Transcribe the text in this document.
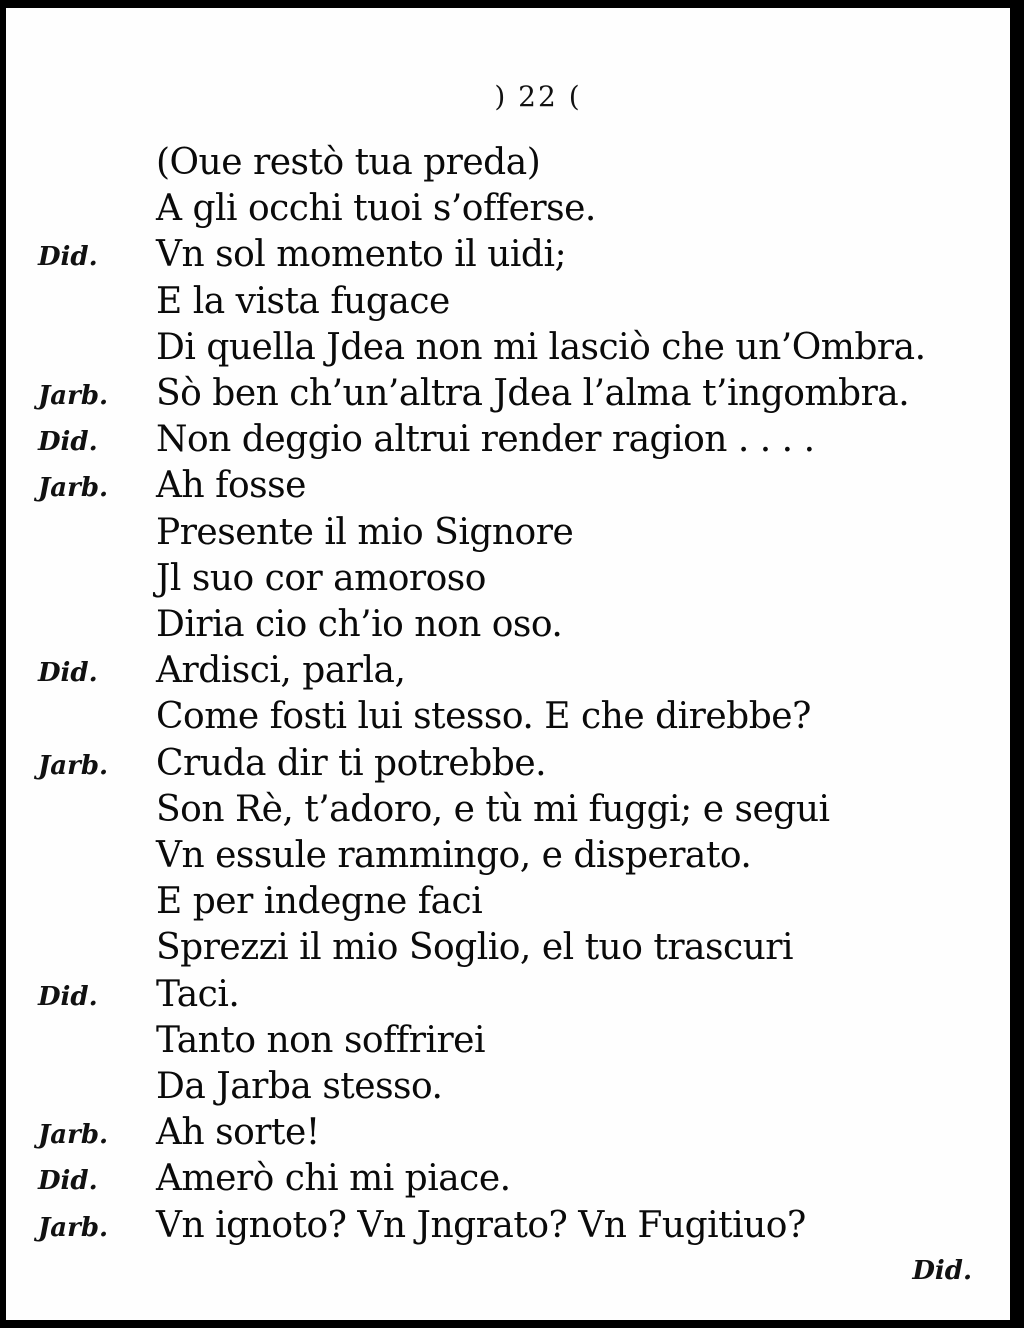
) 22 (
(Oue restò tua preda)
A gli occhi tuoi s’offerse.
Did.	Vn sol momento il uidi;
E la vista fugace
Di quella Jdea non mi lasciò che un’Ombra.
Jarb.	Sò ben ch’un’altra Jdea l’alma t’ingombra.
Did.	Non deggio altrui render ragion . . . .
Jarb.	Ah fosse
Presente il mio Signore
Jl suo cor amoroso
Diria cio ch’io non oso.
Did.	Ardisci, parla,
Come fosti lui stesso. E che direbbe?
Jarb.	Cruda dir ti potrebbe.
Son Rè, t’adoro, e tù mi fuggi; e segui
Vn essule rammingo, e disperato.
E per indegne faci
Sprezzi il mio Soglio, el tuo trascuri
Did.	Taci.
Tanto non soffrirei
Da Jarba stesso.
Jarb.	Ah sorte!
Did.	Amerò chi mi piace.
Jarb.	Vn ignoto? Vn Jngrato? Vn Fugitiuo?
Did.
